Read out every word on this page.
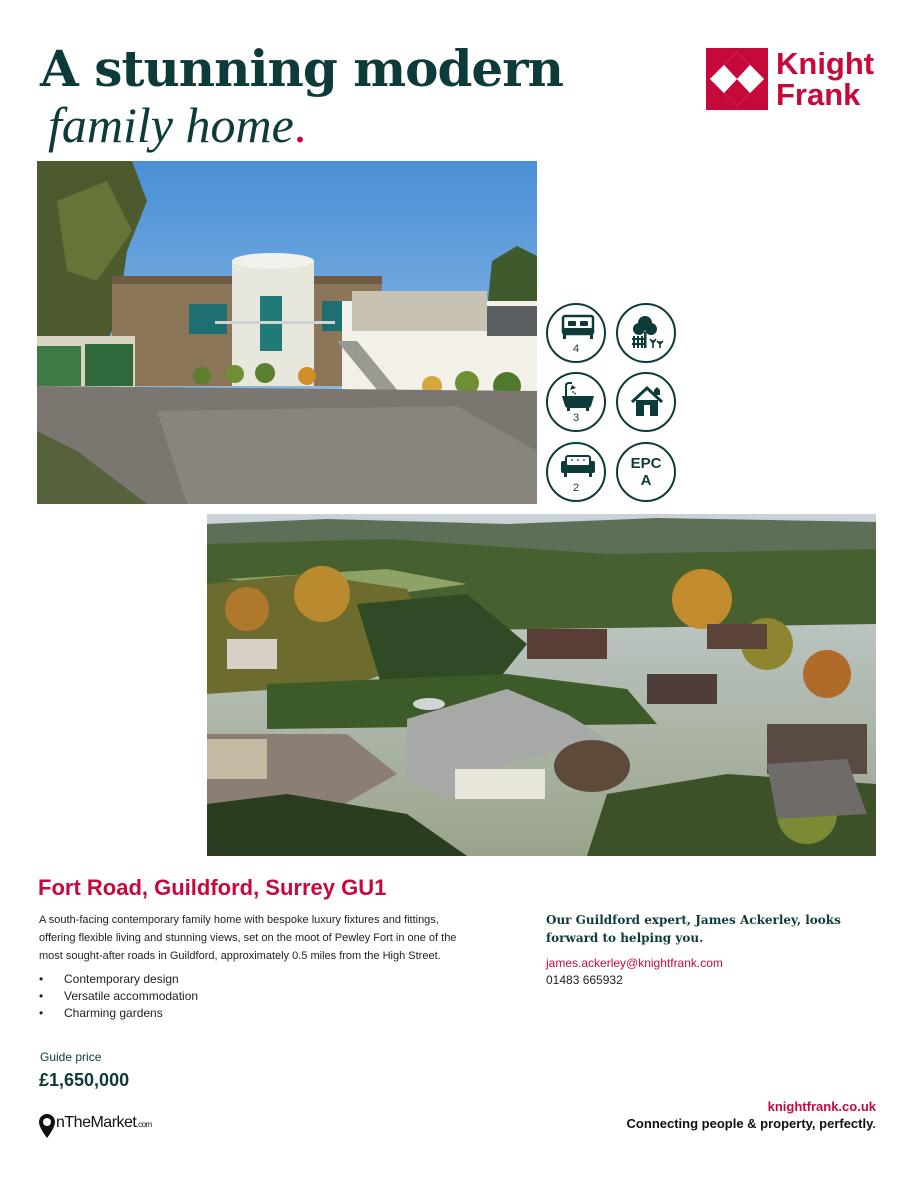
A stunning modern
family home.
Knight
Frank
4
3
2
EPC
A
Fort Road, Guildford, Surrey GU1
A south-facing contemporary family home with bespoke luxury fixtures and fittings, offering flexible living and stunning views, set on the moot of Pewley Fort in one of the most sought-after roads in Guildford, approximately 0.5 miles from the High Street.
• Contemporary design
• Versatile accommodation
• Charming gardens
Guide price
£1,650,000
Our Guildford expert, James Ackerley, looks forward to helping you.
james.ackerley@knightfrank.com
01483 665932
nTheMarket.com
knightfrank.co.uk
Connecting people & property, perfectly.
